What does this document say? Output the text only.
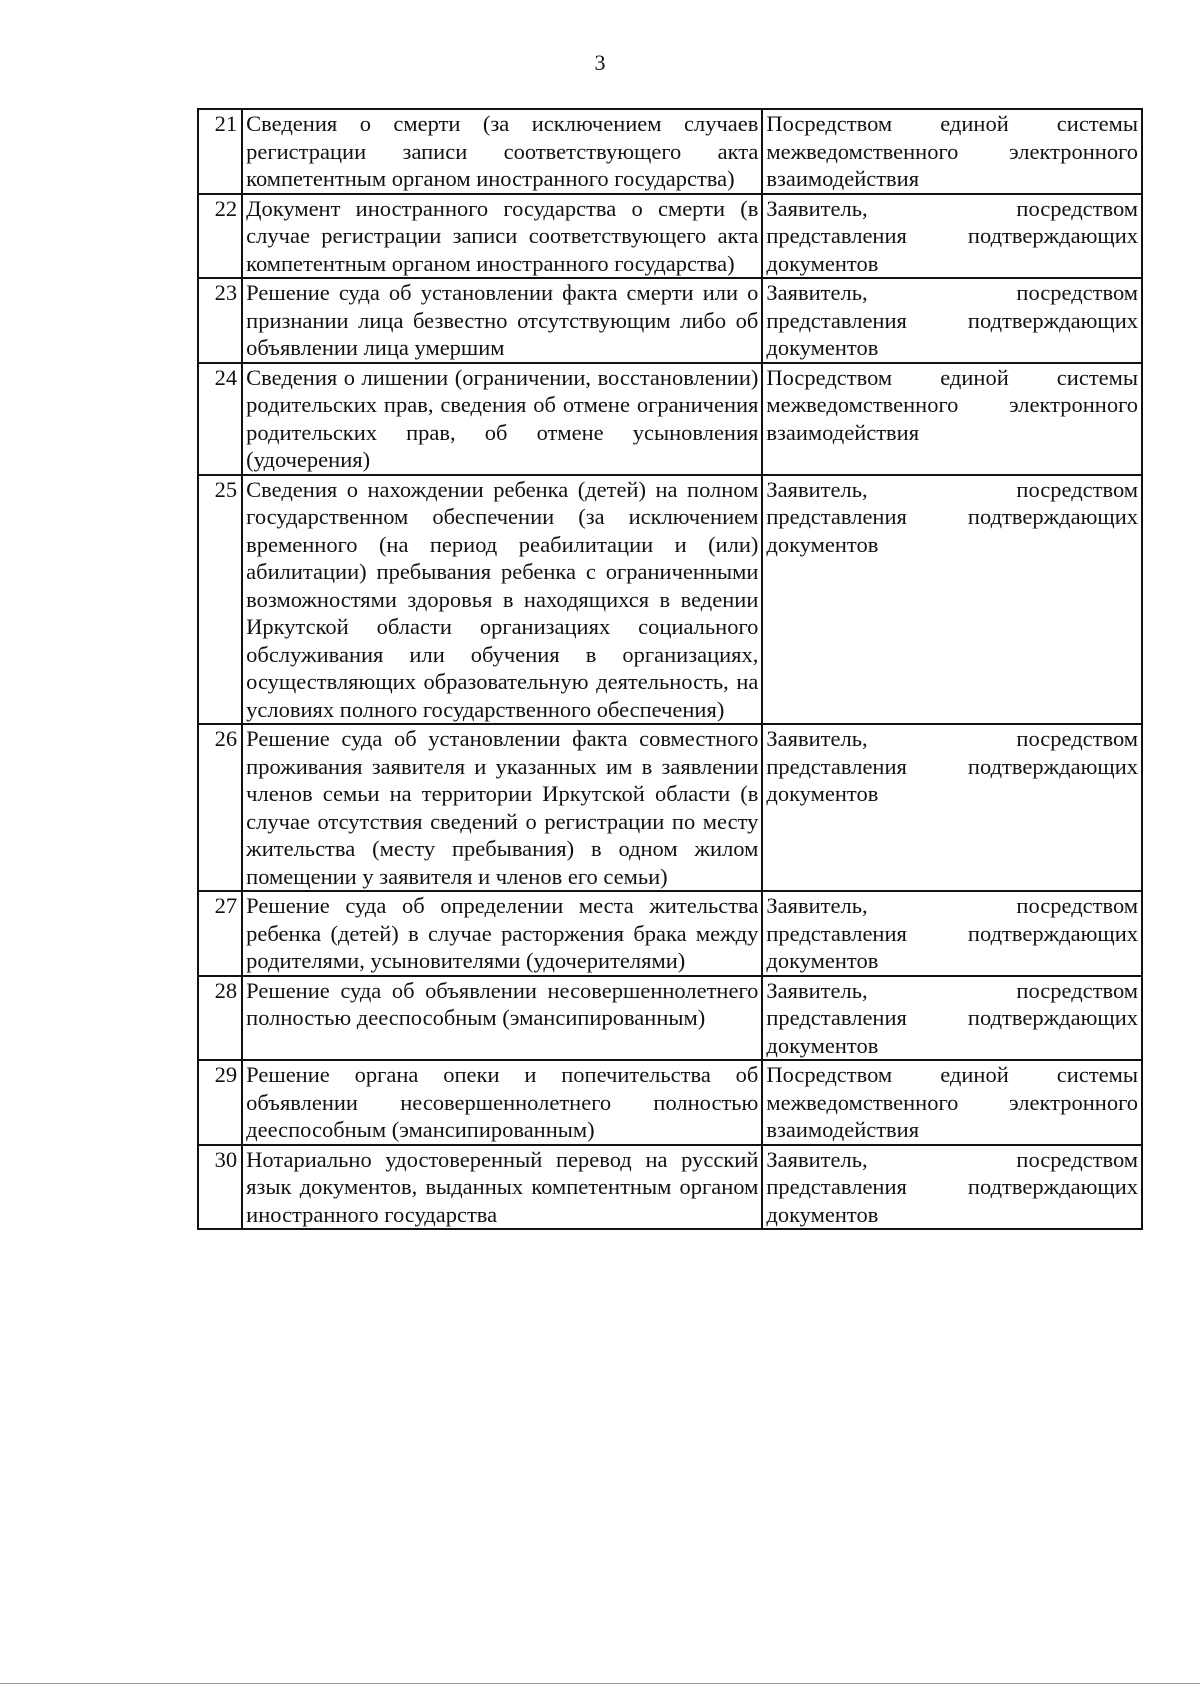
3
21	Сведения о смерти (за исключением случаев регистрации записи соответствующего акта компетентным органом иностранного государства)	Посредством единой системы межведомственного электронного взаимодействия
22	Документ иностранного государства о смерти (в случае регистрации записи соответствующего акта компетентным органом иностранного государства)	Заявитель, посредством представления подтверждающих документов
23	Решение суда об установлении факта смерти или о признании лица безвестно отсутствующим либо об объявлении лица умершим	Заявитель, посредством представления подтверждающих документов
24	Сведения о лишении (ограничении, восстановлении) родительских прав, сведения об отмене ограничения родительских прав, об отмене усыновления (удочерения)	Посредством единой системы межведомственного электронного взаимодействия
25	Сведения о нахождении ребенка (детей) на полном государственном обеспечении (за исключением временного (на период реабилитации и (или) абилитации) пребывания ребенка с ограниченными возможностями здоровья в находящихся в ведении Иркутской области организациях социального обслуживания или обучения в организациях, осуществляющих образовательную деятельность, на условиях полного государственного обеспечения)	Заявитель, посредством представления подтверждающих документов
26	Решение суда об установлении факта совместного проживания заявителя и указанных им в заявлении членов семьи на территории Иркутской области (в случае отсутствия сведений о регистрации по месту жительства (месту пребывания) в одном жилом помещении у заявителя и членов его семьи)	Заявитель, посредством представления подтверждающих документов
27	Решение суда об определении места жительства ребенка (детей) в случае расторжения брака между родителями, усыновителями (удочерителями)	Заявитель, посредством представления подтверждающих документов
28	Решение суда об объявлении несовершеннолетнего полностью дееспособным (эмансипированным)	Заявитель, посредством представления подтверждающих документов
29	Решение органа опеки и попечительства об объявлении несовершеннолетнего полностью дееспособным (эмансипированным)	Посредством единой системы межведомственного электронного взаимодействия
30	Нотариально удостоверенный перевод на русский язык документов, выданных компетентным органом иностранного государства	Заявитель, посредством представления подтверждающих документов
